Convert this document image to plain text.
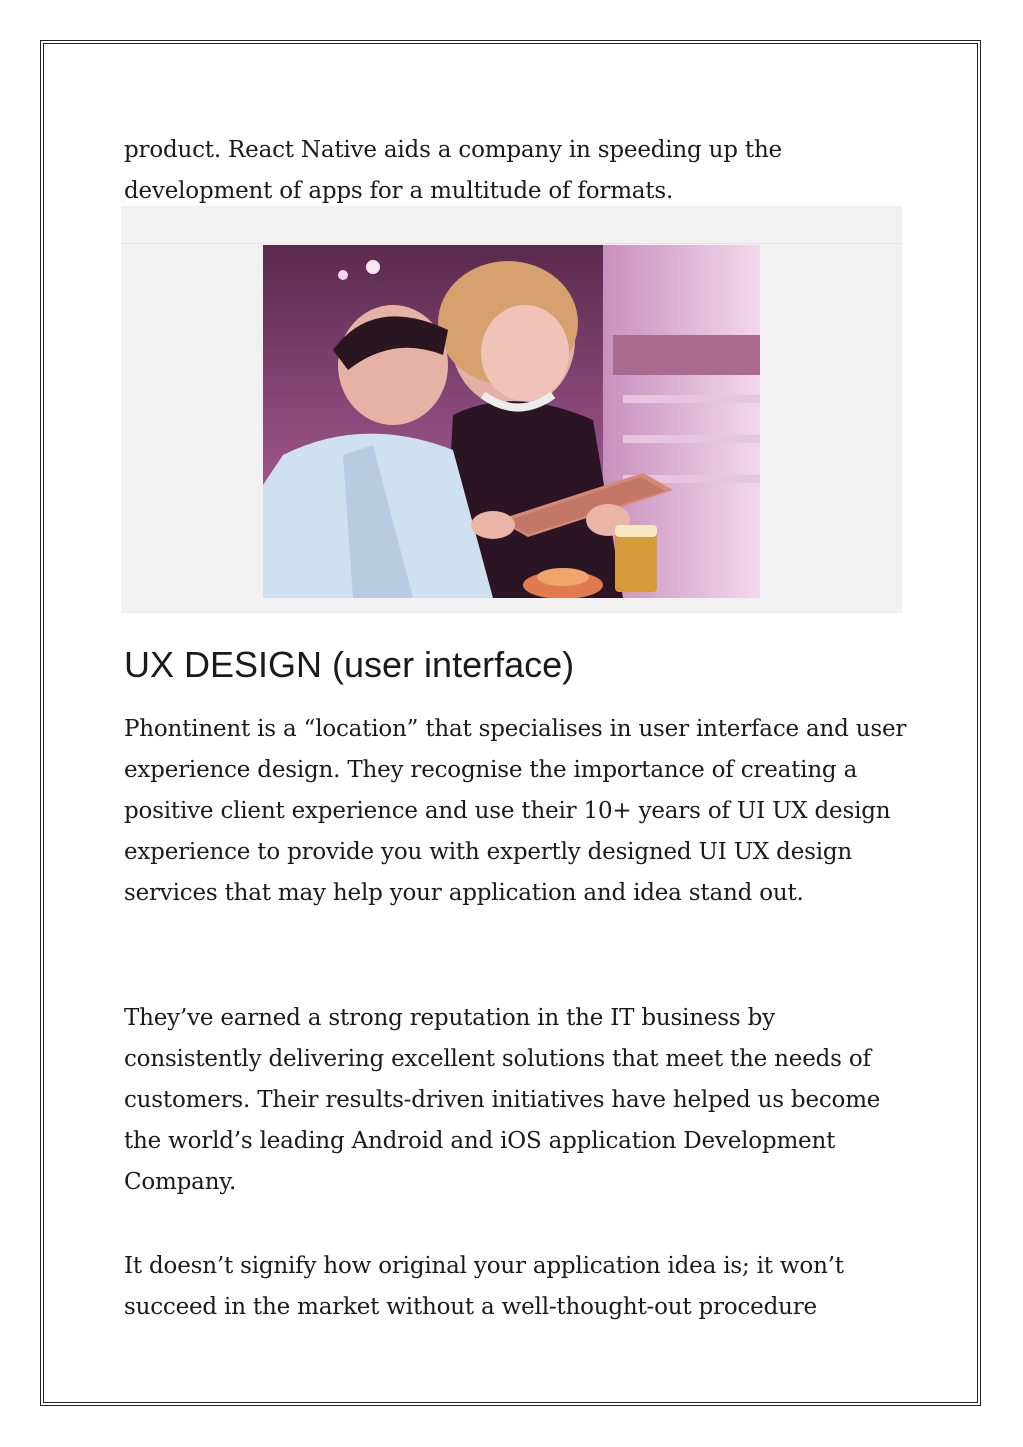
product. React Native aids a company in speeding up the development of apps for a multitude of formats.

UX DESIGN (user interface)

Phontinent is a “location” that specialises in user interface and user experience design. They recognise the importance of creating a positive client experience and use their 10+ years of UI UX design experience to provide you with expertly designed UI UX design services that may help your application and idea stand out.

They’ve earned a strong reputation in the IT business by consistently delivering excellent solutions that meet the needs of customers. Their results-driven initiatives have helped us become the world’s leading Android and iOS application Development Company.

It doesn’t signify how original your application idea is; it won’t succeed in the market without a well-thought-out procedure
